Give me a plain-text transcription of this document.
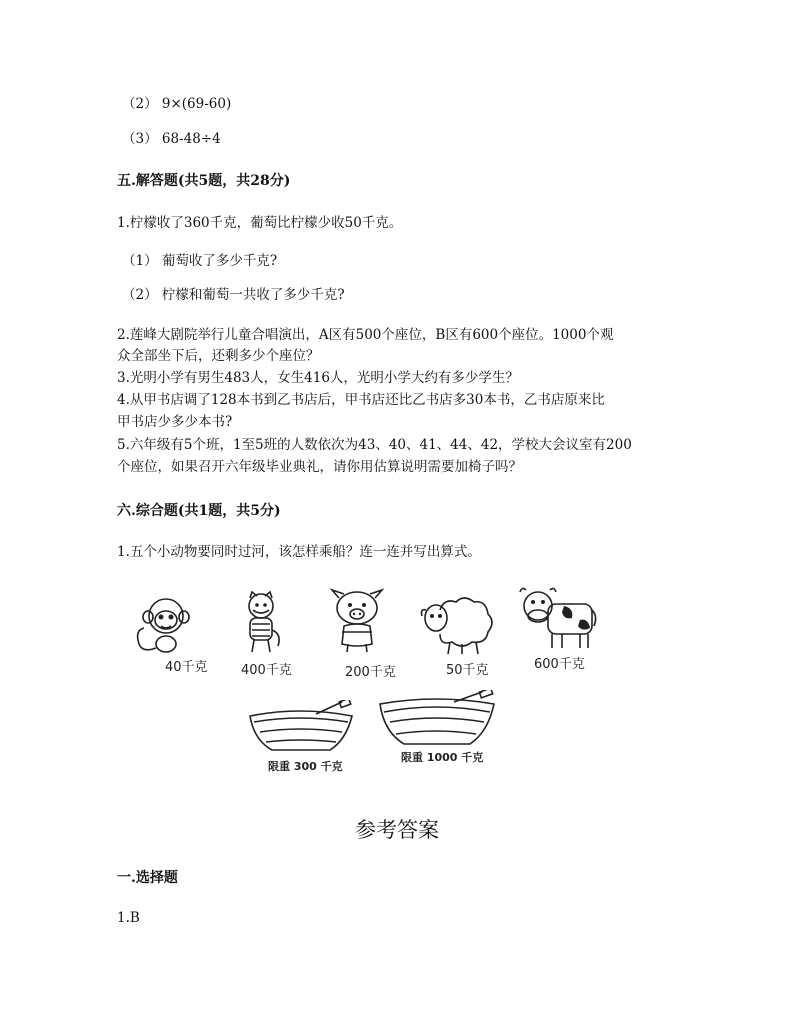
（2） 9×(69-60)
（3） 68-48÷4
五.解答题(共5题，共28分)
1.柠檬收了360千克，葡萄比柠檬少收50千克。
（1） 葡萄收了多少千克?
（2） 柠檬和葡萄一共收了多少千克?
2.莲峰大剧院举行儿童合唱演出，A区有500个座位，B区有600个座位。1000个观
众全部坐下后，还剩多少个座位？
3.光明小学有男生483人，女生416人，光明小学大约有多少学生？
4.从甲书店调了128本书到乙书店后，甲书店还比乙书店多30本书，乙书店原来比
甲书店少多少本书?
5.六年级有5个班，1至5班的人数依次为43、40、41、44、42，学校大会议室有200
个座位，如果召开六年级毕业典礼，请你用估算说明需要加椅子吗？
六.综合题(共1题，共5分)
1.五个小动物要同时过河，该怎样乘船？连一连并写出算式。
40千克	400千克	200千克	50千克	600千克
限重 300 千克
限重 1000 千克
参考答案
一.选择题
1.B
